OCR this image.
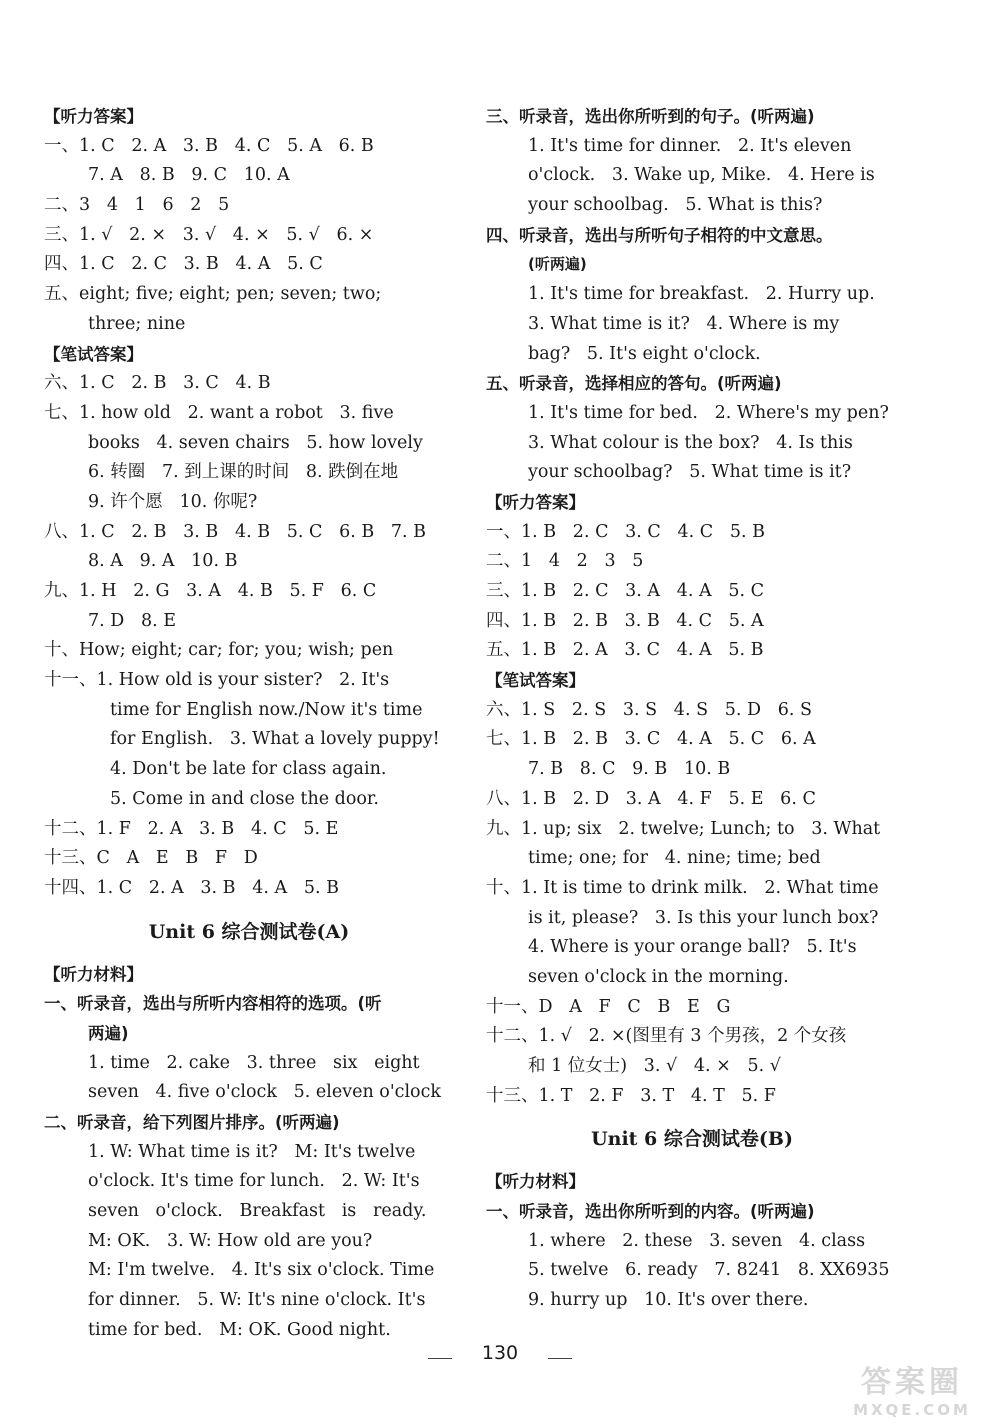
【听力答案】
一、1. C   2. A   3. B   4. C   5. A   6. B
7. A   8. B   9. C   10. A
二、3   4   1   6   2   5
三、1. √   2. ×   3. √   4. ×   5. √   6. ×
四、1. C   2. C   3. B   4. A   5. C
五、eight; five; eight; pen; seven; two;
three; nine
【笔试答案】
六、1. C   2. B   3. C   4. B
七、1. how old   2. want a robot   3. five
books   4. seven chairs   5. how lovely
6. 转圈   7. 到上课的时间   8. 跌倒在地
9. 许个愿   10. 你呢?
八、1. C   2. B   3. B   4. B   5. C   6. B   7. B
8. A   9. A   10. B
九、1. H   2. G   3. A   4. B   5. F   6. C
7. D   8. E
十、How; eight; car; for; you; wish; pen
十一、1. How old is your sister?   2. It's
time for English now./Now it's time
for English.   3. What a lovely puppy!
4. Don't be late for class again.
5. Come in and close the door.
十二、1. F   2. A   3. B   4. C   5. E
十三、C   A   E   B   F   D
十四、1. C   2. A   3. B   4. A   5. B
Unit 6 综合测试卷(A)
【听力材料】
一、听录音，选出与所听内容相符的选项。(听
两遍)
1. time   2. cake   3. three   six   eight
seven   4. five o'clock   5. eleven o'clock
二、听录音，给下列图片排序。(听两遍)
1. W: What time is it?   M: It's twelve
o'clock. It's time for lunch.   2. W: It's
seven   o'clock.   Breakfast   is   ready.
M: OK.   3. W: How old are you?
M: I'm twelve.   4. It's six o'clock. Time
for dinner.   5. W: It's nine o'clock. It's
time for bed.   M: OK. Good night.
三、听录音，选出你所听到的句子。(听两遍)
1. It's time for dinner.   2. It's eleven
o'clock.   3. Wake up, Mike.   4. Here is
your schoolbag.   5. What is this?
四、听录音，选出与所听句子相符的中文意思。
(听两遍)
1. It's time for breakfast.   2. Hurry up.
3. What time is it?   4. Where is my
bag?   5. It's eight o'clock.
五、听录音，选择相应的答句。(听两遍)
1. It's time for bed.   2. Where's my pen?
3. What colour is the box?   4. Is this
your schoolbag?   5. What time is it?
【听力答案】
一、1. B   2. C   3. C   4. C   5. B
二、1   4   2   3   5
三、1. B   2. C   3. A   4. A   5. C
四、1. B   2. B   3. B   4. C   5. A
五、1. B   2. A   3. C   4. A   5. B
【笔试答案】
六、1. S   2. S   3. S   4. S   5. D   6. S
七、1. B   2. B   3. C   4. A   5. C   6. A
7. B   8. C   9. B   10. B
八、1. B   2. D   3. A   4. F   5. E   6. C
九、1. up; six   2. twelve; Lunch; to   3. What
time; one; for   4. nine; time; bed
十、1. It is time to drink milk.   2. What time
is it, please?   3. Is this your lunch box?
4. Where is your orange ball?   5. It's
seven o'clock in the morning.
十一、D   A   F   C   B   E   G
十二、1. √   2. ×(图里有 3 个男孩，2 个女孩
和 1 位女士)   3. √   4. ×   5. √
十三、1. T   2. F   3. T   4. T   5. F
Unit 6 综合测试卷(B)
【听力材料】
一、听录音，选出你所听到的内容。(听两遍)
1. where   2. these   3. seven   4. class
5. twelve   6. ready   7. 8241   8. XX6935
9. hurry up   10. It's over there.
130
答案圈
MXQE.COM
